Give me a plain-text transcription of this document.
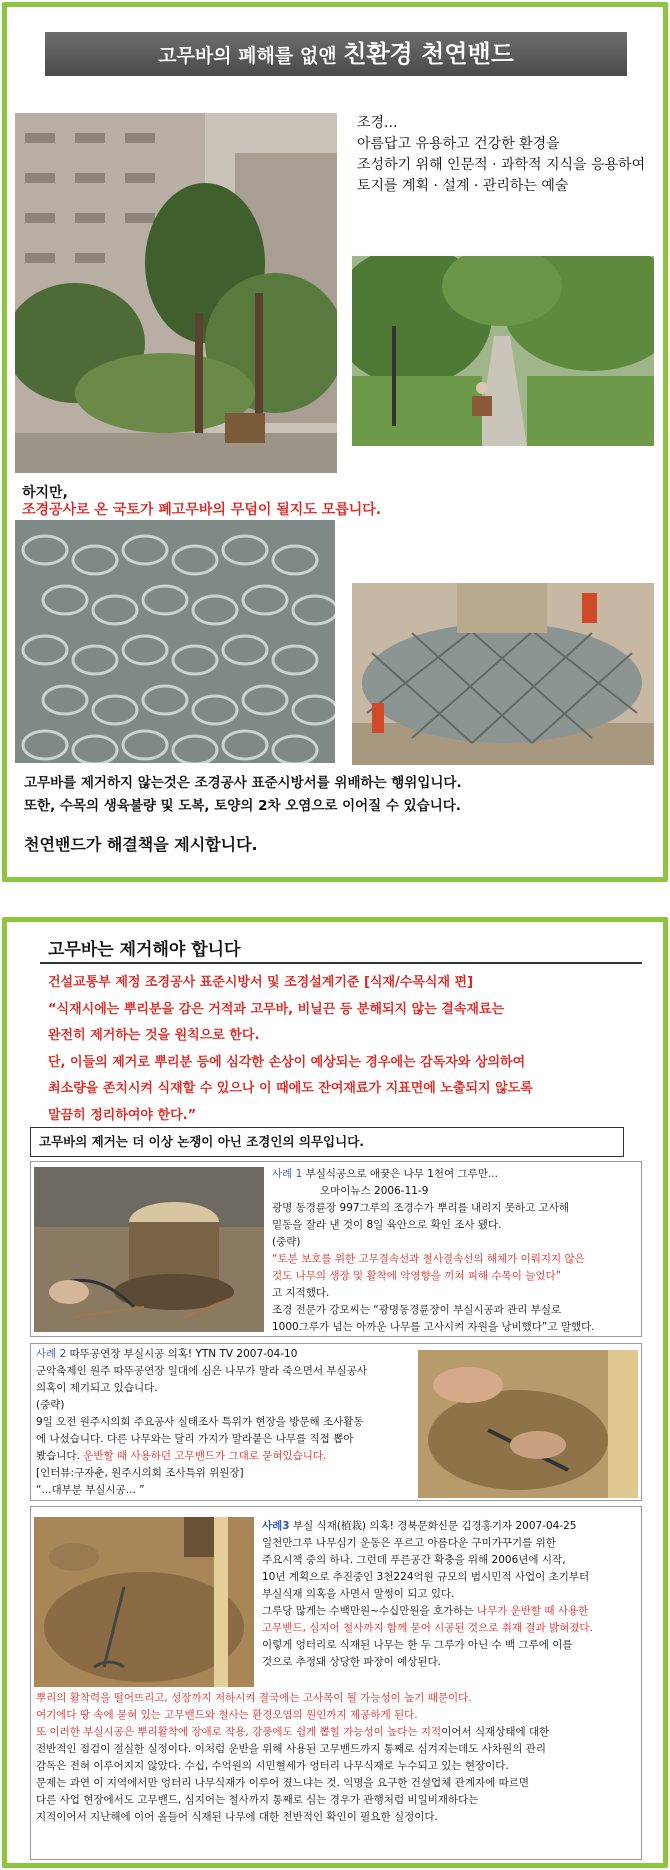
고무바의 폐해를 없앤 친환경 천연밴드
조경...
아름답고 유용하고 건강한 환경을
조성하기 위해 인문적 · 과학적 지식을 응용하여
토지를 계획 · 설계 · 관리하는 예술
하지만,
조경공사로 온 국토가 폐고무바의 무덤이 될지도 모릅니다.
고무바를 제거하지 않는것은 조경공사 표준시방서를 위배하는 행위입니다.
또한, 수목의 생육불량 및 도복, 토양의 2차 오염으로 이어질 수 있습니다.
천연밴드가 해결책을 제시합니다.
고무바는 제거해야 합니다
건설교통부 제정 조경공사 표준시방서 및 조경설계기준 [식재/수목식재 편]
“식재시에는 뿌리분을 감은 거적과 고무바, 비닐끈 등 분해되지 않는 결속재료는
완전히 제거하는 것을 원칙으로 한다.
단, 이들의 제거로 뿌리분 등에 심각한 손상이 예상되는 경우에는 감독자와 상의하여
최소량을 존치시켜 식재할 수 있으나 이 때에도 잔여재료가 지표면에 노출되지 않도록
말끔히 정리하여야 한다.”
고무바의 제거는 더 이상 논쟁이 아닌 조경인의 의무입니다.
사례 1 부실식공으로 애꿎은 나무 1천여 그루만...
오마이뉴스 2006-11-9
광명 동경륜장 997그루의 조경수가 뿌리를 내리지 못하고 고사해
밑동을 잘라 낸 것이 8일 육안으로 확인 조사 됐다.
(중략)
“토분 보호를 위한 고무결속선과 철사결속선의 해체가 이뤄지지 않은
것도 나무의 생장 및 활착에 악영향을 끼쳐 피해 수목이 늘었다”
고 지적했다.
조경 전문가 강모씨는 “광명동경륜장이 부실시공과 관리 부실로
1000그루가 넘는 아까운 나무를 고사시켜 자원을 낭비했다”고 말했다.
사례 2 따뚜공연장 부실시공 의혹! YTN TV 2007-04-10
군악축제인 원주 따뚜공연장 일대에 심은 나무가 말라 죽으면서 부실공사
의혹이 제기되고 있습니다.
(중략)
9일 오전 원주시의회 주요공사 실태조사 특위가 현장을 방문해 조사활동
에 나섰습니다. 다른 나무와는 달리 가지가 말라붙은 나무를 직접 뽑아
봤습니다. 운반할 때 사용하던 고무밴드가 그대로 묻혀있습니다.
[인터뷰:구자춘, 원주시의회 조사특위 위원장]
“...대부분 부실시공... ”
사례3 부실 식재(植栽) 의혹! 경북문화신문 김경홍기자 2007-04-25
일천만그루 나무심기 운동은 푸르고 아름다운 구미가꾸기를 위한
주요시책 중의 하나. 그런데 푸른공간 확충을 위해 2006년에 시작,
10년 계획으로 추진중인 3천224억원 규모의 범시민적 사업이 초기부터
부실식재 의혹을 사면서 말썽이 되고 있다.
그루당 많게는 수백만원~수십만원을 호가하는 나무가 운반할 때 사용한
고무밴드, 심지어 철사까지 함께 묻어 시공된 것으로 취재 결과 밝혀졌다.
이렇게 엉터리로 식재된 나무는 한 두 그루가 아닌 수 백 그루에 이를
것으로 추정돼 상당한 파장이 예상된다.
뿌리의 활착력을 떨어뜨리고, 성장까지 저하시켜 결국에는 고사목이 될 가능성이 높기 때문이다.
여기에다 땅 속에 묻혀 있는 고무밴드와 철사는 환경오염의 원인까지 제공하게 된다.
또 이러한 부실시공은 뿌리활착에 장애로 작용, 강풍에도 쉽게 뽑힐 가능성이 높다는 지적이어서 식재상태에 대한
전반적인 점검이 절실한 실정이다. 이처럼 운반을 위해 사용된 고무밴드까지 통째로 심겨지는데도 사차원의 관리
감독은 전혀 이루어지지 않았다. 수십, 수억원의 시민혈세가 엉터리 나무식재로 누수되고 있는 현장이다.
문제는 과연 이 지역에서만 엉터리 나무식재가 이루어 졌느냐는 것. 익명을 요구한 건설업체 관계자에 따르면
다른 사업 현장에서도 고무밴드, 심지어는 철사까지 통째로 심는 경우가 관행처럼 비일비재하다는
지적이어서 지난해에 이어 올들어 식재된 나무에 대한 전반적인 확인이 필요한 실정이다.
